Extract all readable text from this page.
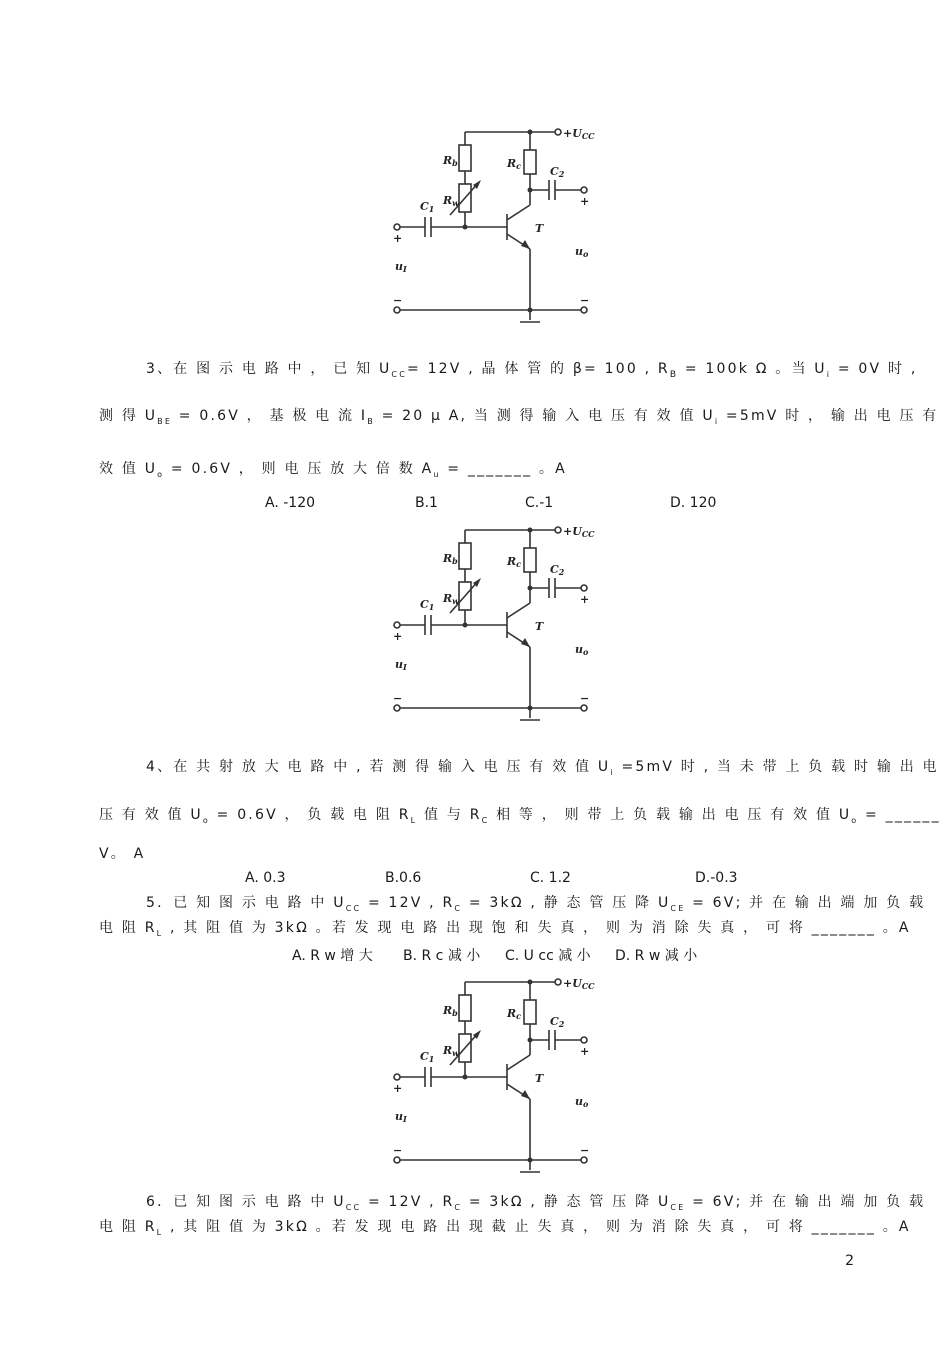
+UCC
Rb
Rw
Rc
C1
C2
T
uI
uo
+
+
−	−
3、在 图 示 电 路 中 ， 已 知 $U_{CC}= 12V$ , 晶 体 管 的 β= 100 , $R_B = 100k$ Ω 。当 $U_i = 0V$ 时 ,
测 得 $U_{BE} = 0.6V$ ， 基 极 电 流 $I_B = 20$ μ A, 当 测 得 输 入 电 压 有 效 值 $U_i =5mV$ 时 ， 输 出 电 压 有
效 值 $U_o = 0.6V$ ， 则 电 压 放 大 倍 数 $A_u$ = _______ 。A
A. -120	B.1	C.-1	D. 120
+UCC
Rb
Rw
Rc
C1
C2
T
uI
uo
+
+
−	−
4、在 共 射 放 大 电 路 中 , 若 测 得 输 入 电 压 有 效 值 $U_i =5mV$ 时 , 当 未 带 上 负 载 时 输 出 电
压 有 效 值 $U_o = 0.6V$ ， 负 载 电 阻 $R_L$ 值 与 $R_C$ 相 等 ， 则 带 上 负 载 输 出 电 压 有 效 值 $U_o$ = ______
V。 A
A. 0.3	B.0.6	C. 1.2	D.-0.3
5．已 知 图 示 电 路 中 $U_{CC} = 12V$ , $R_C = 3k\Omega$ , 静 态 管 压 降 $U_{CE} = 6V$; 并 在 输 出 端 加 负 载
电 阻 $R_L$ , 其 阻 值 为 3kΩ 。若 发 现 电 路 出 现 饱 和 失 真 ， 则 为 消 除 失 真 ， 可 将 _______ 。A
A. R w 增 大 B. R c 减 小 C. U cc 减 小 D. R w 减 小
+UCC
Rb
Rw
Rc
C1
C2
T
uI
uo
+
+
−	−
6．已 知 图 示 电 路 中 $U_{CC} = 12V$ , $R_C = 3k\Omega$ , 静 态 管 压 降 $U_{CE} = 6V$; 并 在 输 出 端 加 负 载
电 阻 $R_L$ , 其 阻 值 为 3kΩ 。若 发 现 电 路 出 现 截 止 失 真 ， 则 为 消 除 失 真 ， 可 将 _______ 。A
2
